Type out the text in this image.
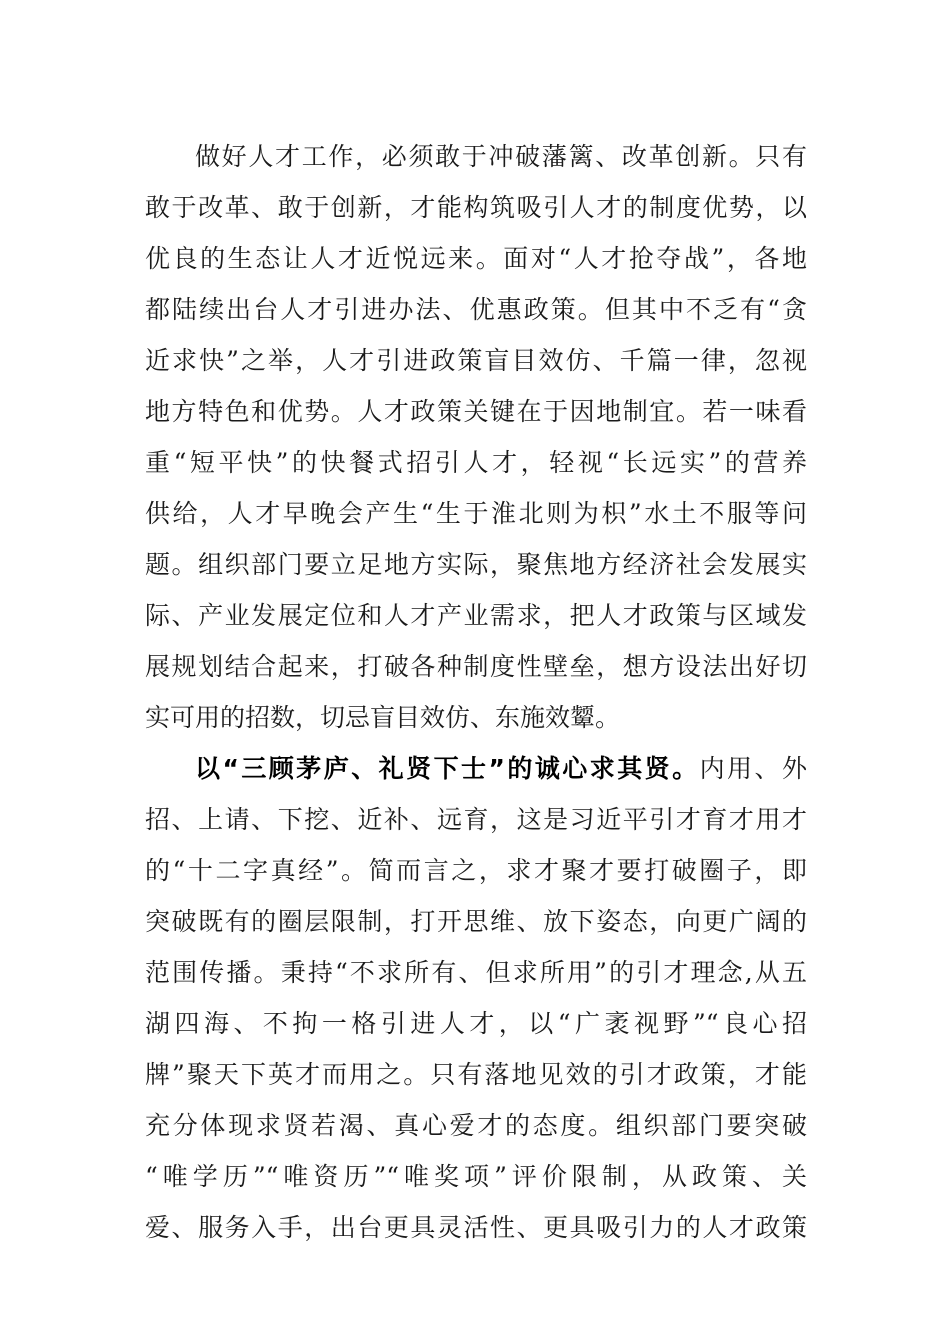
做好人才工作，必须敢于冲破藩篱、改革创新。只有
敢于改革、敢于创新，才能构筑吸引人才的制度优势，以
优良的生态让人才近悦远来。面对“人才抢夺战”，各地
都陆续出台人才引进办法、优惠政策。但其中不乏有“贪
近求快”之举，人才引进政策盲目效仿、千篇一律，忽视
地方特色和优势。人才政策关键在于因地制宜。若一味看
重“短平快”的快餐式招引人才，轻视“长远实”的营养
供给，人才早晚会产生“生于淮北则为枳”水土不服等问
题。组织部门要立足地方实际，聚焦地方经济社会发展实
际、产业发展定位和人才产业需求，把人才政策与区域发
展规划结合起来，打破各种制度性壁垒，想方设法出好切
实可用的招数，切忌盲目效仿、东施效颦。
以“三顾茅庐、礼贤下士”的诚心求其贤。内用、外
招、上请、下挖、近补、远育，这是习近平引才育才用才
的“十二字真经”。简而言之，求才聚才要打破圈子，即
突破既有的圈层限制，打开思维、放下姿态，向更广阔的
范围传播。秉持“不求所有、但求所用”的引才理念,从五
湖四海、不拘一格引进人才，以“广袤视野”“良心招
牌”聚天下英才而用之。只有落地见效的引才政策，才能
充分体现求贤若渴、真心爱才的态度。组织部门要突破
“唯学历”“唯资历”“唯奖项”评价限制，从政策、关
爱、服务入手，出台更具灵活性、更具吸引力的人才政策
